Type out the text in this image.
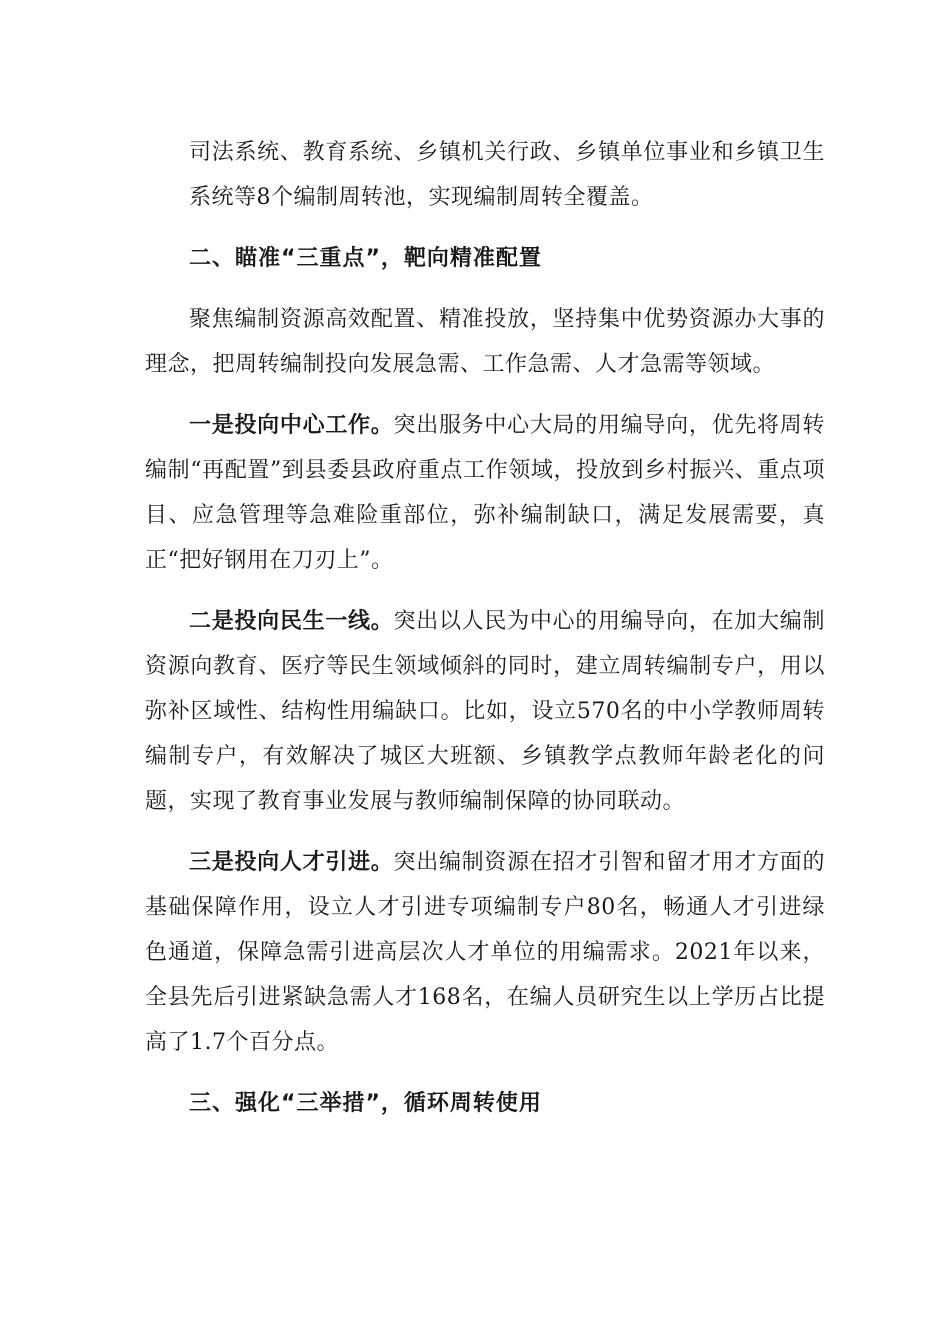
司法系统、教育系统、乡镇机关行政、乡镇单位事业和乡镇卫生系统等8个编制周转池，实现编制周转全覆盖。

二、瞄准“三重点”，靶向精准配置

聚焦编制资源高效配置、精准投放，坚持集中优势资源办大事的理念，把周转编制投向发展急需、工作急需、人才急需等领域。

一是投向中心工作。突出服务中心大局的用编导向，优先将周转编制“再配置”到县委县政府重点工作领域，投放到乡村振兴、重点项目、应急管理等急难险重部位，弥补编制缺口，满足发展需要，真正“把好钢用在刀刃上”。

二是投向民生一线。突出以人民为中心的用编导向，在加大编制资源向教育、医疗等民生领域倾斜的同时，建立周转编制专户，用以弥补区域性、结构性用编缺口。比如，设立570名的中小学教师周转编制专户，有效解决了城区大班额、乡镇教学点教师年龄老化的问题，实现了教育事业发展与教师编制保障的协同联动。

三是投向人才引进。突出编制资源在招才引智和留才用才方面的基础保障作用，设立人才引进专项编制专户80名，畅通人才引进绿色通道，保障急需引进高层次人才单位的用编需求。2021年以来，全县先后引进紧缺急需人才168名，在编人员研究生以上学历占比提高了1.7个百分点。

三、强化“三举措”，循环周转使用
